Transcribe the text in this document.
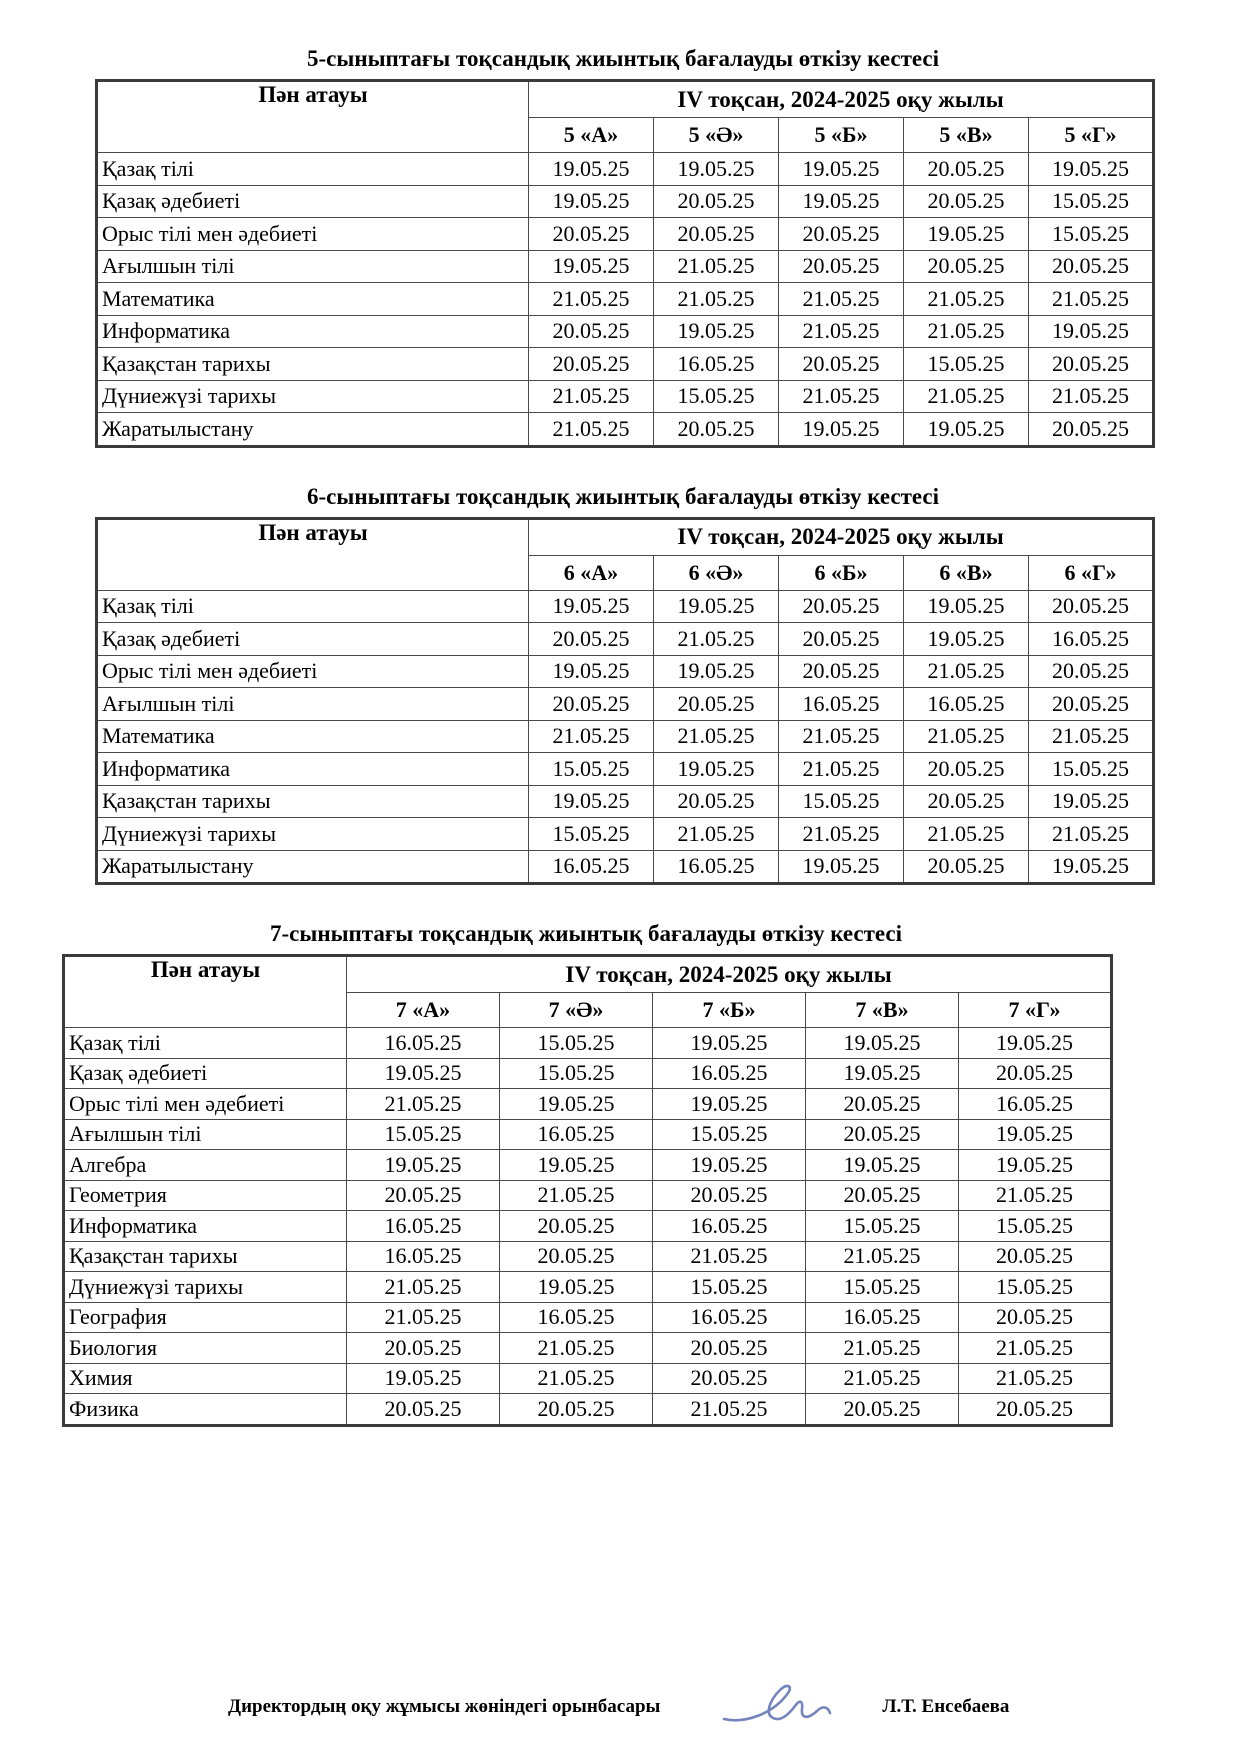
5-сыныптағы тоқсандық жиынтық бағалауды өткізу кестесі
Пән атауы	IV тоқсан, 2024-2025 оқу жылы				
	5 «А»	5 «Ә»	5 «Б»	5 «В»	5 «Г»
Қазақ тілі	19.05.25	19.05.25	19.05.25	20.05.25	19.05.25
Қазақ әдебиеті	19.05.25	20.05.25	19.05.25	20.05.25	15.05.25
Орыс тілі мен әдебиеті	20.05.25	20.05.25	20.05.25	19.05.25	15.05.25
Ағылшын тілі	19.05.25	21.05.25	20.05.25	20.05.25	20.05.25
Математика	21.05.25	21.05.25	21.05.25	21.05.25	21.05.25
Информатика	20.05.25	19.05.25	21.05.25	21.05.25	19.05.25
Қазақстан тарихы	20.05.25	16.05.25	20.05.25	15.05.25	20.05.25
Дүниежүзі тарихы	21.05.25	15.05.25	21.05.25	21.05.25	21.05.25
Жаратылыстану	21.05.25	20.05.25	19.05.25	19.05.25	20.05.25
6-сыныптағы тоқсандық жиынтық бағалауды өткізу кестесі
Пән атауы	IV тоқсан, 2024-2025 оқу жылы				
	6 «А»	6 «Ә»	6 «Б»	6 «В»	6 «Г»
Қазақ тілі	19.05.25	19.05.25	20.05.25	19.05.25	20.05.25
Қазақ әдебиеті	20.05.25	21.05.25	20.05.25	19.05.25	16.05.25
Орыс тілі мен әдебиеті	19.05.25	19.05.25	20.05.25	21.05.25	20.05.25
Ағылшын тілі	20.05.25	20.05.25	16.05.25	16.05.25	20.05.25
Математика	21.05.25	21.05.25	21.05.25	21.05.25	21.05.25
Информатика	15.05.25	19.05.25	21.05.25	20.05.25	15.05.25
Қазақстан тарихы	19.05.25	20.05.25	15.05.25	20.05.25	19.05.25
Дүниежүзі тарихы	15.05.25	21.05.25	21.05.25	21.05.25	21.05.25
Жаратылыстану	16.05.25	16.05.25	19.05.25	20.05.25	19.05.25
7-сыныптағы тоқсандық жиынтық бағалауды өткізу кестесі
Пән атауы	IV тоқсан, 2024-2025 оқу жылы				
	7 «А»	7 «Ә»	7 «Б»	7 «В»	7 «Г»
Қазақ тілі	16.05.25	15.05.25	19.05.25	19.05.25	19.05.25
Қазақ әдебиеті	19.05.25	15.05.25	16.05.25	19.05.25	20.05.25
Орыс тілі мен әдебиеті	21.05.25	19.05.25	19.05.25	20.05.25	16.05.25
Ағылшын тілі	15.05.25	16.05.25	15.05.25	20.05.25	19.05.25
Алгебра	19.05.25	19.05.25	19.05.25	19.05.25	19.05.25
Геометрия	20.05.25	21.05.25	20.05.25	20.05.25	21.05.25
Информатика	16.05.25	20.05.25	16.05.25	15.05.25	15.05.25
Қазақстан тарихы	16.05.25	20.05.25	21.05.25	21.05.25	20.05.25
Дүниежүзі тарихы	21.05.25	19.05.25	15.05.25	15.05.25	15.05.25
География	21.05.25	16.05.25	16.05.25	16.05.25	20.05.25
Биология	20.05.25	21.05.25	20.05.25	21.05.25	21.05.25
Химия	19.05.25	21.05.25	20.05.25	21.05.25	21.05.25
Физика	20.05.25	20.05.25	21.05.25	20.05.25	20.05.25
Директордың оқу жұмысы жөніндегі орынбасары	Л.Т. Енсебаева
